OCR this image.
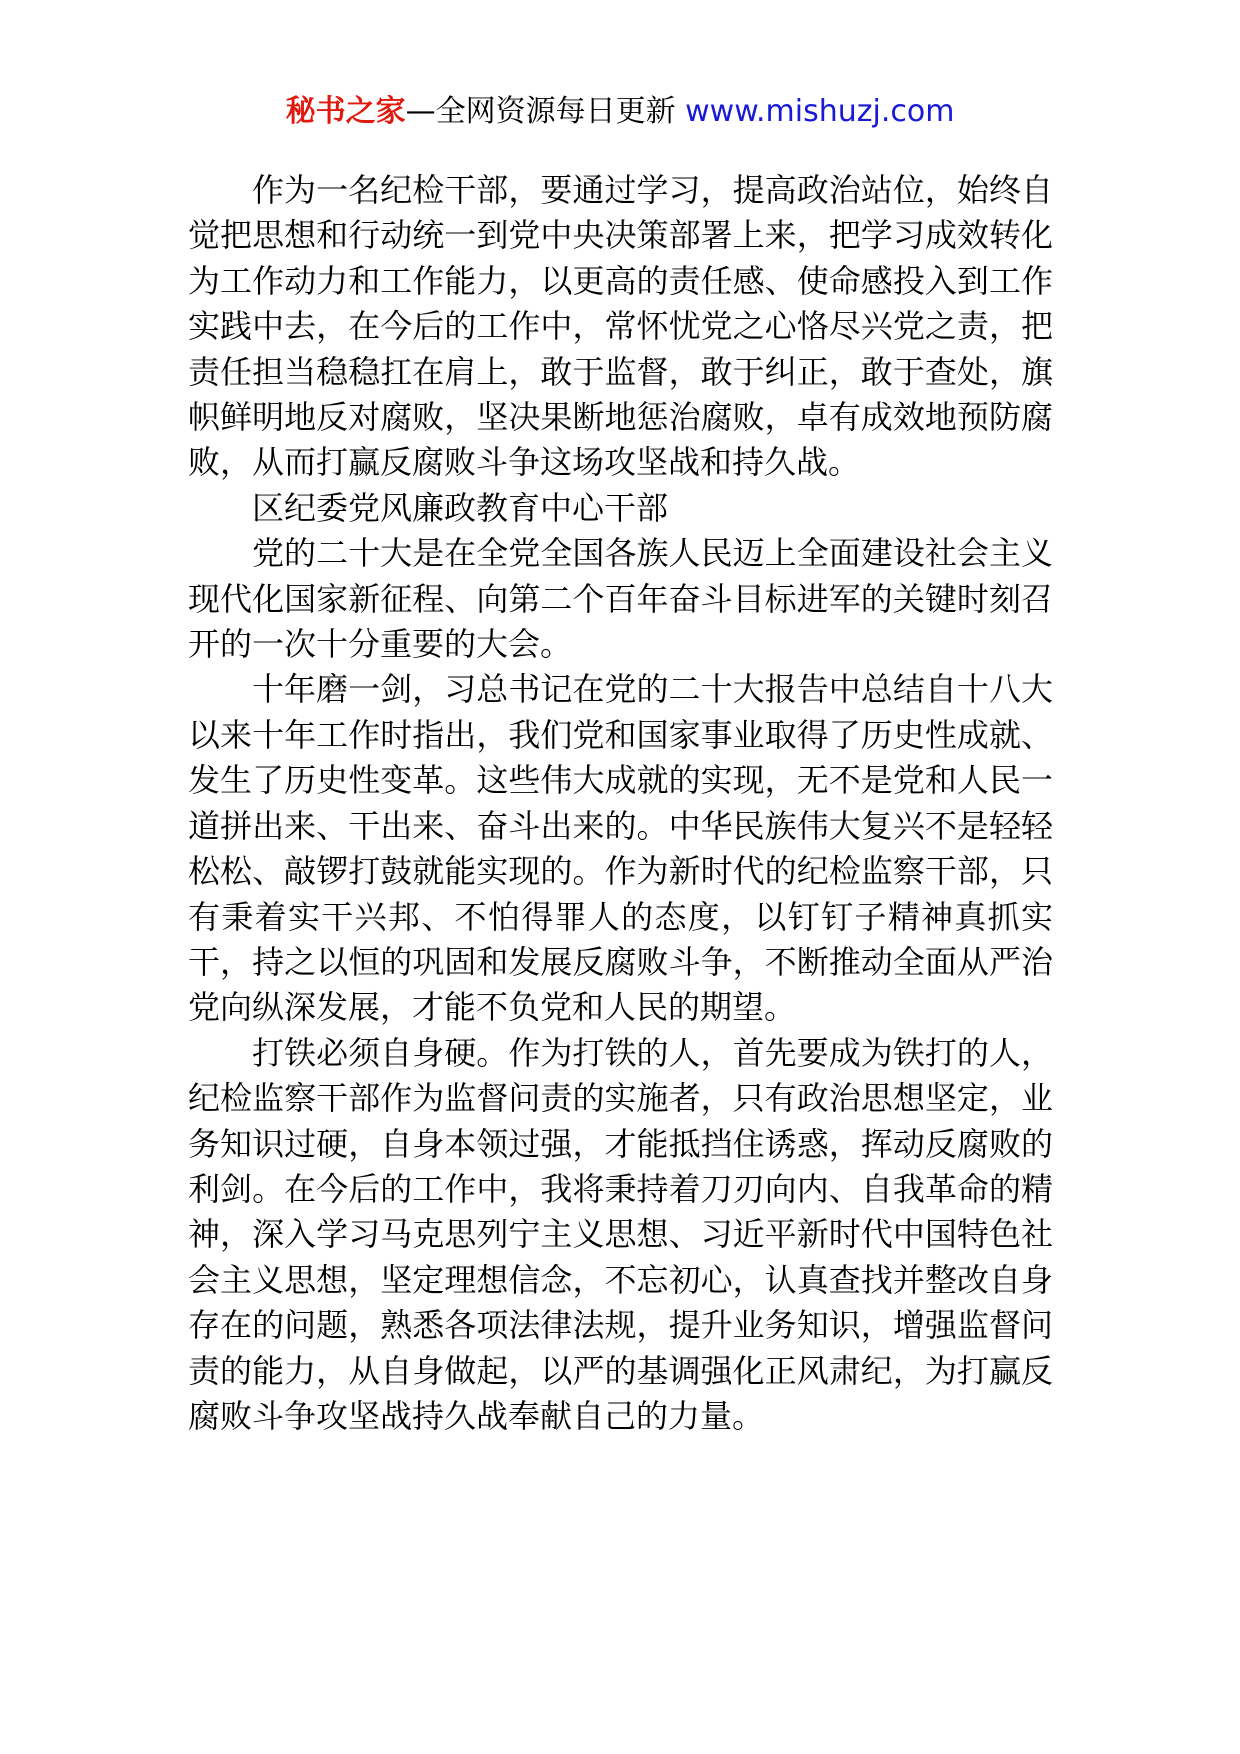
秘书之家—全网资源每日更新 www.mishuzj.com

作为一名纪检干部，要通过学习，提高政治站位，始终自觉把思想和行动统一到党中央决策部署上来，把学习成效转化为工作动力和工作能力，以更高的责任感、使命感投入到工作实践中去，在今后的工作中，常怀忧党之心恪尽兴党之责，把责任担当稳稳扛在肩上，敢于监督，敢于纠正，敢于查处，旗帜鲜明地反对腐败，坚决果断地惩治腐败，卓有成效地预防腐败，从而打赢反腐败斗争这场攻坚战和持久战。

区纪委党风廉政教育中心干部

党的二十大是在全党全国各族人民迈上全面建设社会主义现代化国家新征程、向第二个百年奋斗目标进军的关键时刻召开的一次十分重要的大会。

十年磨一剑，习总书记在党的二十大报告中总结自十八大以来十年工作时指出，我们党和国家事业取得了历史性成就、发生了历史性变革。这些伟大成就的实现，无不是党和人民一道拼出来、干出来、奋斗出来的。中华民族伟大复兴不是轻轻松松、敲锣打鼓就能实现的。作为新时代的纪检监察干部，只有秉着实干兴邦、不怕得罪人的态度，以钉钉子精神真抓实干，持之以恒的巩固和发展反腐败斗争，不断推动全面从严治党向纵深发展，才能不负党和人民的期望。

打铁必须自身硬。作为打铁的人，首先要成为铁打的人，纪检监察干部作为监督问责的实施者，只有政治思想坚定，业务知识过硬，自身本领过强，才能抵挡住诱惑，挥动反腐败的利剑。在今后的工作中，我将秉持着刀刃向内、自我革命的精神，深入学习马克思列宁主义思想、习近平新时代中国特色社会主义思想，坚定理想信念，不忘初心，认真查找并整改自身存在的问题，熟悉各项法律法规，提升业务知识，增强监督问责的能力，从自身做起，以严的基调强化正风肃纪，为打赢反腐败斗争攻坚战持久战奉献自己的力量。
